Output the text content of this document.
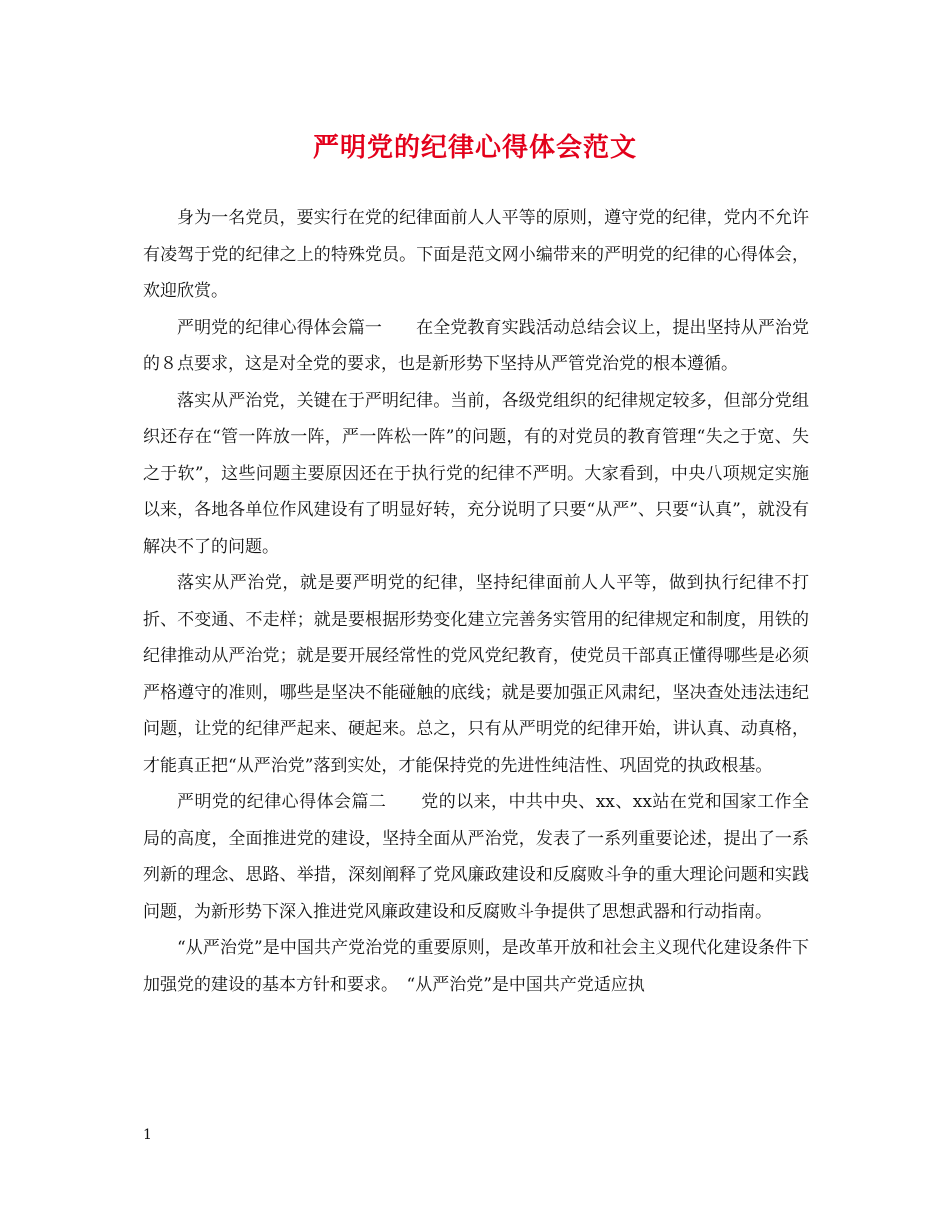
严明党的纪律心得体会范文

身为一名党员，要实行在党的纪律面前人人平等的原则，遵守党的纪律，党内不允许有凌驾于党的纪律之上的特殊党员。下面是范文网小编带来的严明党的纪律的心得体会，欢迎欣赏。

严明党的纪律心得体会篇一　　在全党教育实践活动总结会议上，提出坚持从严治党的８点要求，这是对全党的要求，也是新形势下坚持从严管党治党的根本遵循。

落实从严治党，关键在于严明纪律。当前，各级党组织的纪律规定较多，但部分党组织还存在“管一阵放一阵，严一阵松一阵”的问题，有的对党员的教育管理“失之于宽、失之于软”，这些问题主要原因还在于执行党的纪律不严明。大家看到，中央八项规定实施以来，各地各单位作风建设有了明显好转，充分说明了只要“从严”、只要“认真”，就没有解决不了的问题。

落实从严治党，就是要严明党的纪律，坚持纪律面前人人平等，做到执行纪律不打折、不变通、不走样；就是要根据形势变化建立完善务实管用的纪律规定和制度，用铁的纪律推动从严治党；就是要开展经常性的党风党纪教育，使党员干部真正懂得哪些是必须严格遵守的准则，哪些是坚决不能碰触的底线；就是要加强正风肃纪，坚决查处违法违纪问题，让党的纪律严起来、硬起来。总之，只有从严明党的纪律开始，讲认真、动真格，才能真正把“从严治党”落到实处，才能保持党的先进性纯洁性、巩固党的执政根基。

严明党的纪律心得体会篇二　　党的以来，中共中央、xx、xx站在党和国家工作全局的高度，全面推进党的建设，坚持全面从严治党，发表了一系列重要论述，提出了一系列新的理念、思路、举措，深刻阐释了党风廉政建设和反腐败斗争的重大理论问题和实践问题，为新形势下深入推进党风廉政建设和反腐败斗争提供了思想武器和行动指南。

“从严治党”是中国共产党治党的重要原则，是改革开放和社会主义现代化建设条件下加强党的建设的基本方针和要求。　“从严治党”是中国共产党适应执

1
